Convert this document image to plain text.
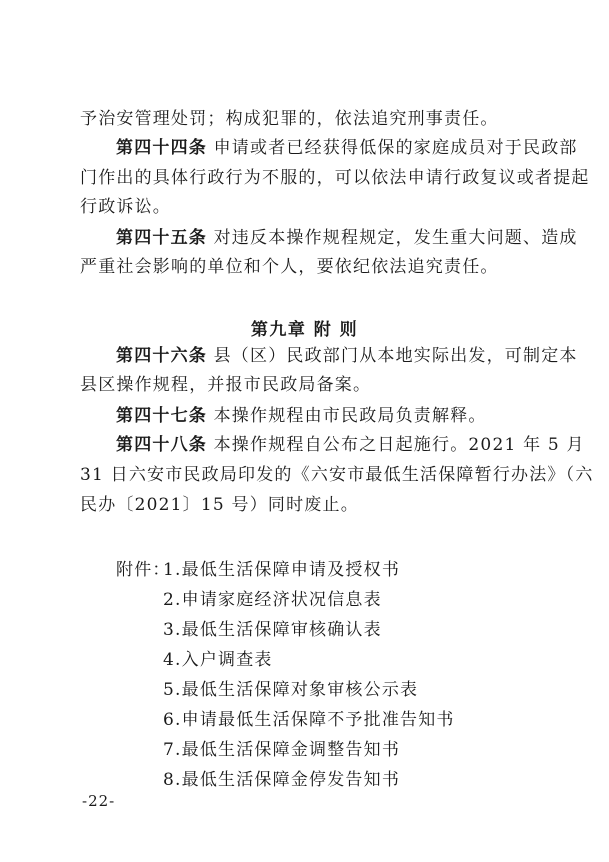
予治安管理处罚；构成犯罪的，依法追究刑事责任。
第四十四条 申请或者已经获得低保的家庭成员对于民政部
门作出的具体行政行为不服的，可以依法申请行政复议或者提起
行政诉讼。
第四十五条 对违反本操作规程规定，发生重大问题、造成
严重社会影响的单位和个人，要依纪依法追究责任。
第九章 附 则
第四十六条 县（区）民政部门从本地实际出发，可制定本
县区操作规程，并报市民政局备案。
第四十七条 本操作规程由市民政局负责解释。
第四十八条 本操作规程自公布之日起施行。2021 年 5 月
31 日六安市民政局印发的《六安市最低生活保障暂行办法》（六
民办〔2021〕15 号）同时废止。
附件：
1.最低生活保障申请及授权书
2.申请家庭经济状况信息表
3.最低生活保障审核确认表
4.入户调查表
5.最低生活保障对象审核公示表
6.申请最低生活保障不予批准告知书
7.最低生活保障金调整告知书
8.最低生活保障金停发告知书
-22-
